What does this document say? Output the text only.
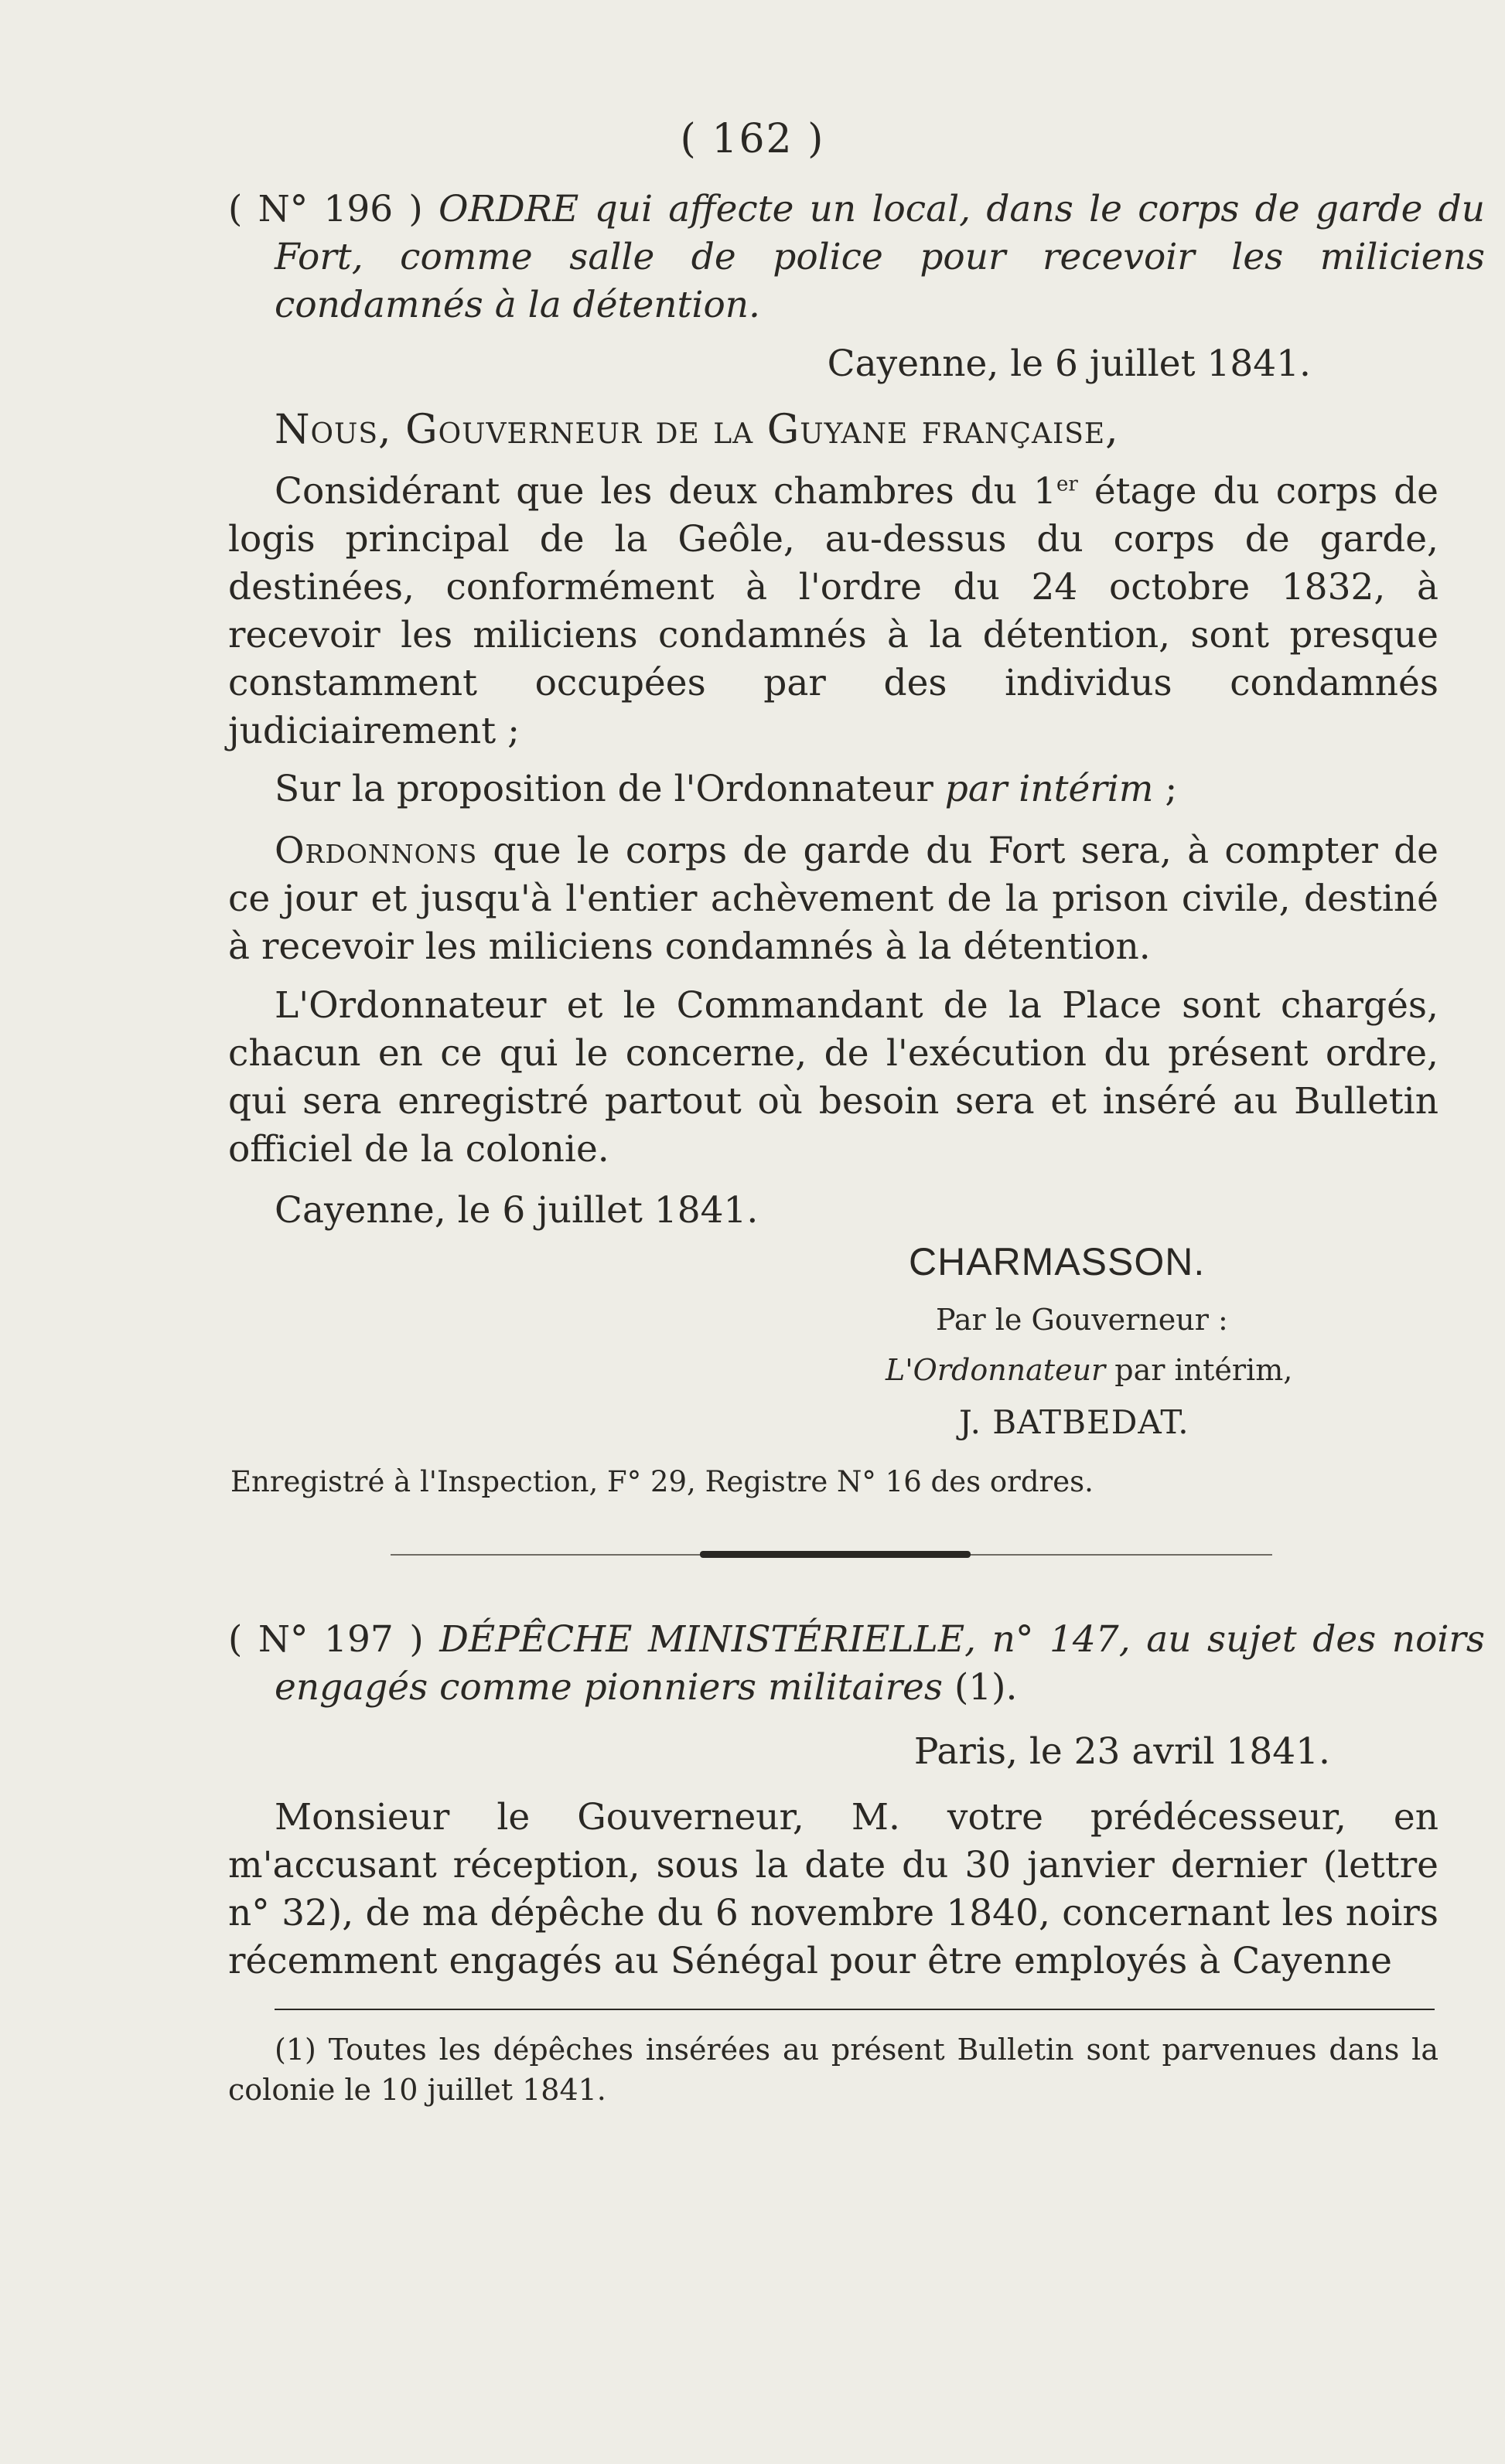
( 162 )

( N° 196 ) ORDRE qui affecte un local, dans le corps de garde du Fort, comme salle de police pour recevoir les miliciens condamnés à la détention.

Cayenne, le 6 juillet 1841.
Nous, Gouverneur de la Guyane française,

Considérant que les deux chambres du 1er étage du corps de logis principal de la Geôle, au-dessus du corps de garde, destinées, conformément à l'ordre du 24 octobre 1832, à recevoir les miliciens condamnés à la détention, sont presque constamment occupées par des individus condamnés judiciairement ;

Sur la proposition de l'Ordonnateur par intérim ;

Ordonnons que le corps de garde du Fort sera, à compter de ce jour et jusqu'à l'entier achèvement de la prison civile, destiné à recevoir les miliciens condamnés à la détention.

L'Ordonnateur et le Commandant de la Place sont chargés, chacun en ce qui le concerne, de l'exécution du présent ordre, qui sera enregistré partout où besoin sera et inséré au Bulletin officiel de la colonie.

Cayenne, le 6 juillet 1841.
CHARMASSON.
Par le Gouverneur :
L'Ordonnateur par intérim,
J. BATBEDAT.
Enregistré à l'Inspection, F° 29, Registre N° 16 des ordres.

( N° 197 ) DÉPÊCHE MINISTÉRIELLE, n° 147, au sujet des noirs engagés comme pionniers militaires (1).

Paris, le 23 avril 1841.

Monsieur le Gouverneur, M. votre prédécesseur, en m'accusant réception, sous la date du 30 janvier dernier (lettre n° 32), de ma dépêche du 6 novembre 1840, concernant les noirs récemment engagés au Sénégal pour être employés à Cayenne

(1) Toutes les dépêches insérées au présent Bulletin sont parvenues dans la colonie le 10 juillet 1841.
